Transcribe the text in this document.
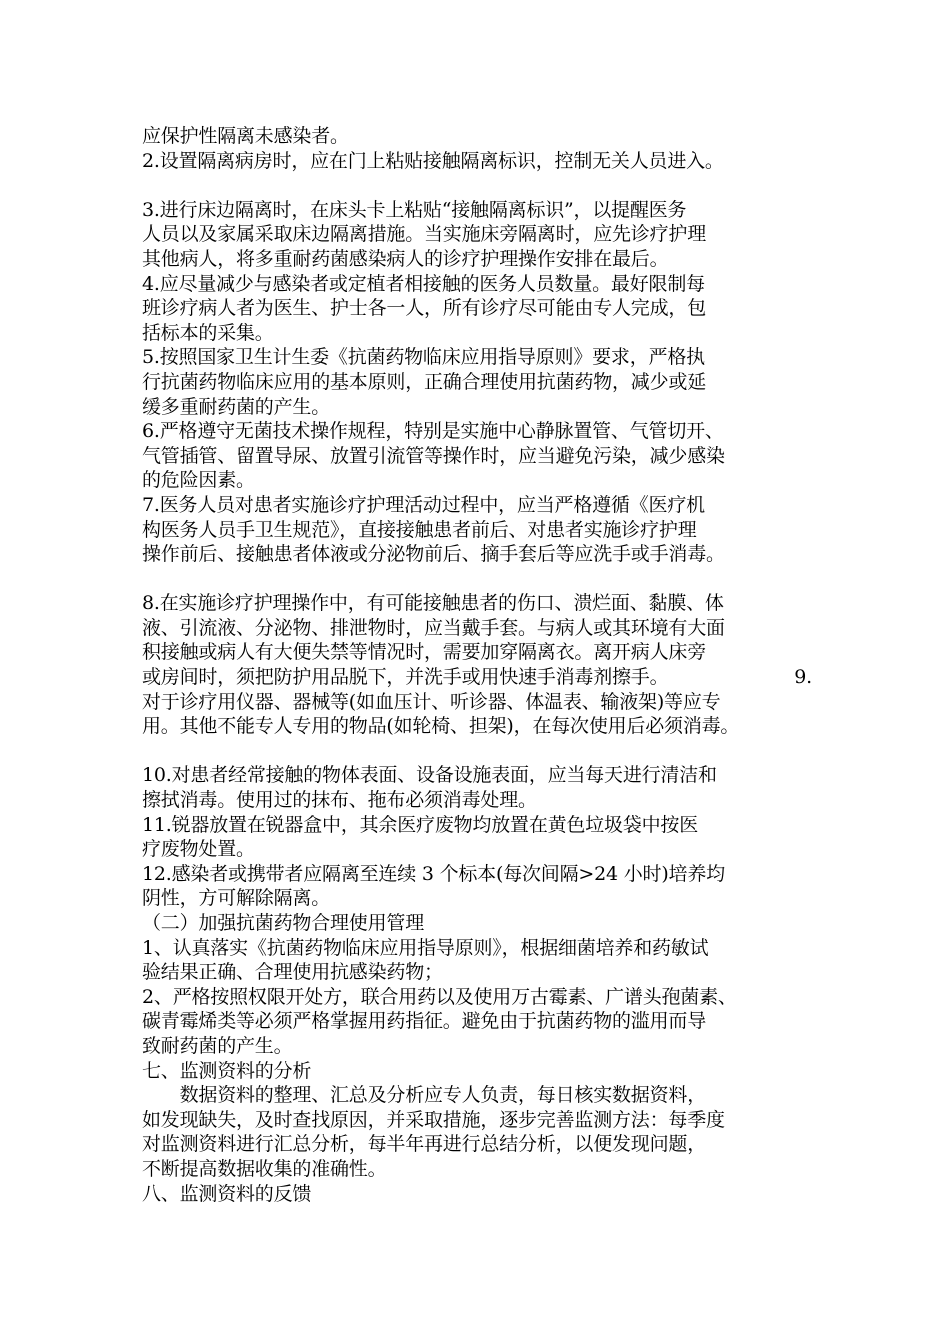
应保护性隔离未感染者。
2.设置隔离病房时，应在门上粘贴接触隔离标识，控制无关人员进入。
3.进行床边隔离时，在床头卡上粘贴“接触隔离标识”，以提醒医务
人员以及家属采取床边隔离措施。当实施床旁隔离时，应先诊疗护理
其他病人，将多重耐药菌感染病人的诊疗护理操作安排在最后。
4.应尽量减少与感染者或定植者相接触的医务人员数量。最好限制每
班诊疗病人者为医生、护士各一人，所有诊疗尽可能由专人完成，包
括标本的采集。
5.按照国家卫生计生委《抗菌药物临床应用指导原则》要求，严格执
行抗菌药物临床应用的基本原则，正确合理使用抗菌药物，减少或延
缓多重耐药菌的产生。
6.严格遵守无菌技术操作规程，特别是实施中心静脉置管、气管切开、
气管插管、留置导尿、放置引流管等操作时，应当避免污染，减少感染
的危险因素。
7.医务人员对患者实施诊疗护理活动过程中，应当严格遵循《医疗机
构医务人员手卫生规范》，直接接触患者前后、对患者实施诊疗护理
操作前后、接触患者体液或分泌物前后、摘手套后等应洗手或手消毒。
8.在实施诊疗护理操作中，有可能接触患者的伤口、溃烂面、黏膜、体
液、引流液、分泌物、排泄物时，应当戴手套。与病人或其环境有大面
积接触或病人有大便失禁等情况时，需要加穿隔离衣。离开病人床旁
或房间时，须把防护用品脱下，并洗手或用快速手消毒剂擦手。	9.
对于诊疗用仪器、器械等(如血压计、听诊器、体温表、输液架)等应专
用。其他不能专人专用的物品(如轮椅、担架)，在每次使用后必须消毒。
10.对患者经常接触的物体表面、设备设施表面，应当每天进行清洁和
擦拭消毒。使用过的抹布、拖布必须消毒处理。
11.锐器放置在锐器盒中，其余医疗废物均放置在黄色垃圾袋中按医
疗废物处置。
12.感染者或携带者应隔离至连续 3 个标本(每次间隔>24 小时)培养均
阴性，方可解除隔离。
（二）加强抗菌药物合理使用管理
1、认真落实《抗菌药物临床应用指导原则》，根据细菌培养和药敏试
验结果正确、合理使用抗感染药物；
2、严格按照权限开处方，联合用药以及使用万古霉素、广谱头孢菌素、
碳青霉烯类等必须严格掌握用药指征。避免由于抗菌药物的滥用而导
致耐药菌的产生。
七、监测资料的分析
　　数据资料的整理、汇总及分析应专人负责，每日核实数据资料，
如发现缺失，及时查找原因，并采取措施，逐步完善监测方法：每季度
对监测资料进行汇总分析，每半年再进行总结分析，以便发现问题，
不断提高数据收集的准确性。
八、监测资料的反馈
